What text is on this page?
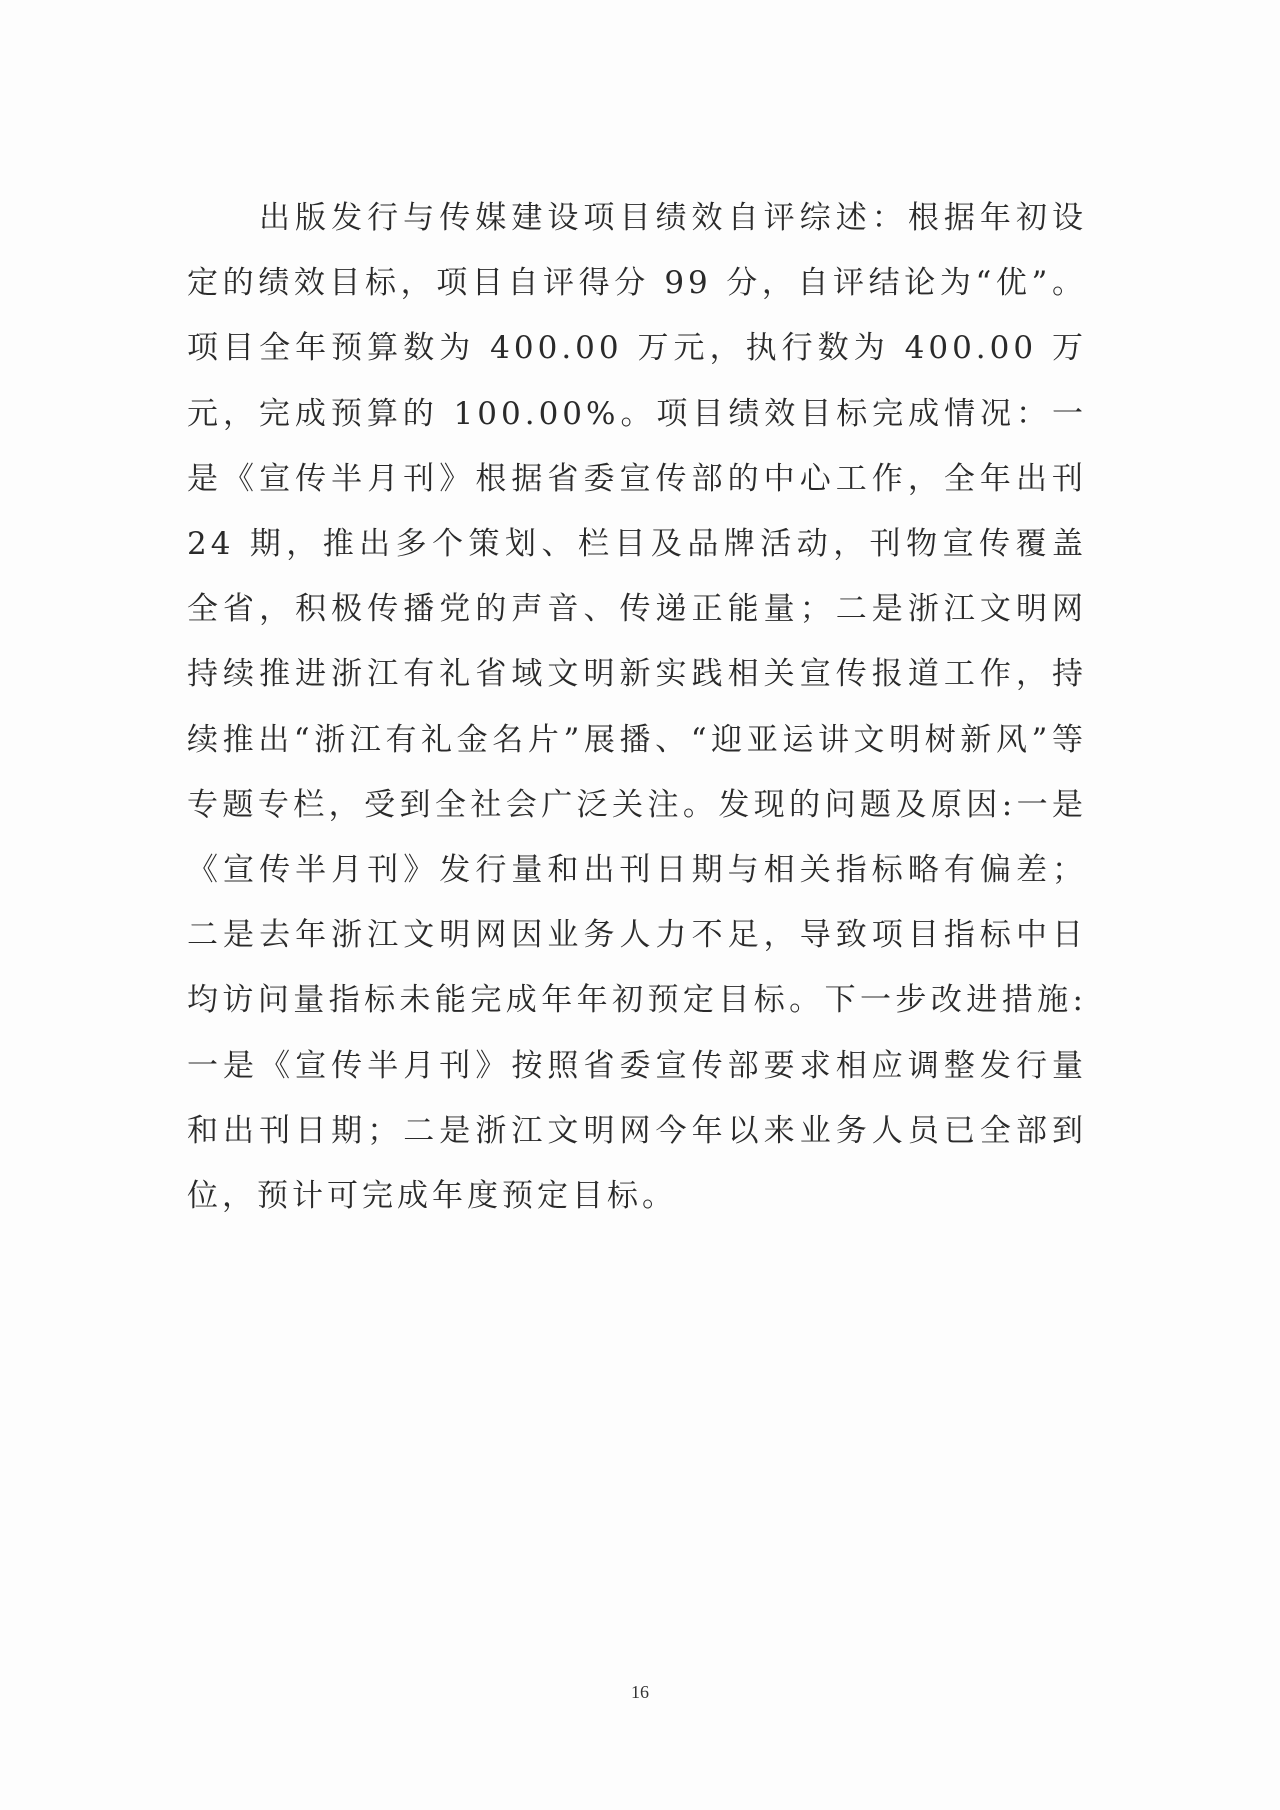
出版发行与传媒建设项目绩效自评综述：根据年初设定的绩效目标，项目自评得分 99 分，自评结论为“优”。项目全年预算数为 400.00 万元，执行数为 400.00 万元，完成预算的 100.00%。项目绩效目标完成情况：一是《宣传半月刊》根据省委宣传部的中心工作，全年出刊 24 期，推出多个策划、栏目及品牌活动，刊物宣传覆盖全省，积极传播党的声音、传递正能量；二是浙江文明网持续推进浙江有礼省域文明新实践相关宣传报道工作，持续推出“浙江有礼金名片”展播、“迎亚运讲文明树新风”等专题专栏，受到全社会广泛关注。发现的问题及原因:一是《宣传半月刊》发行量和出刊日期与相关指标略有偏差；二是去年浙江文明网因业务人力不足，导致项目指标中日均访问量指标未能完成年年初预定目标。下一步改进措施:一是《宣传半月刊》按照省委宣传部要求相应调整发行量和出刊日期；二是浙江文明网今年以来业务人员已全部到位，预计可完成年度预定目标。

16
